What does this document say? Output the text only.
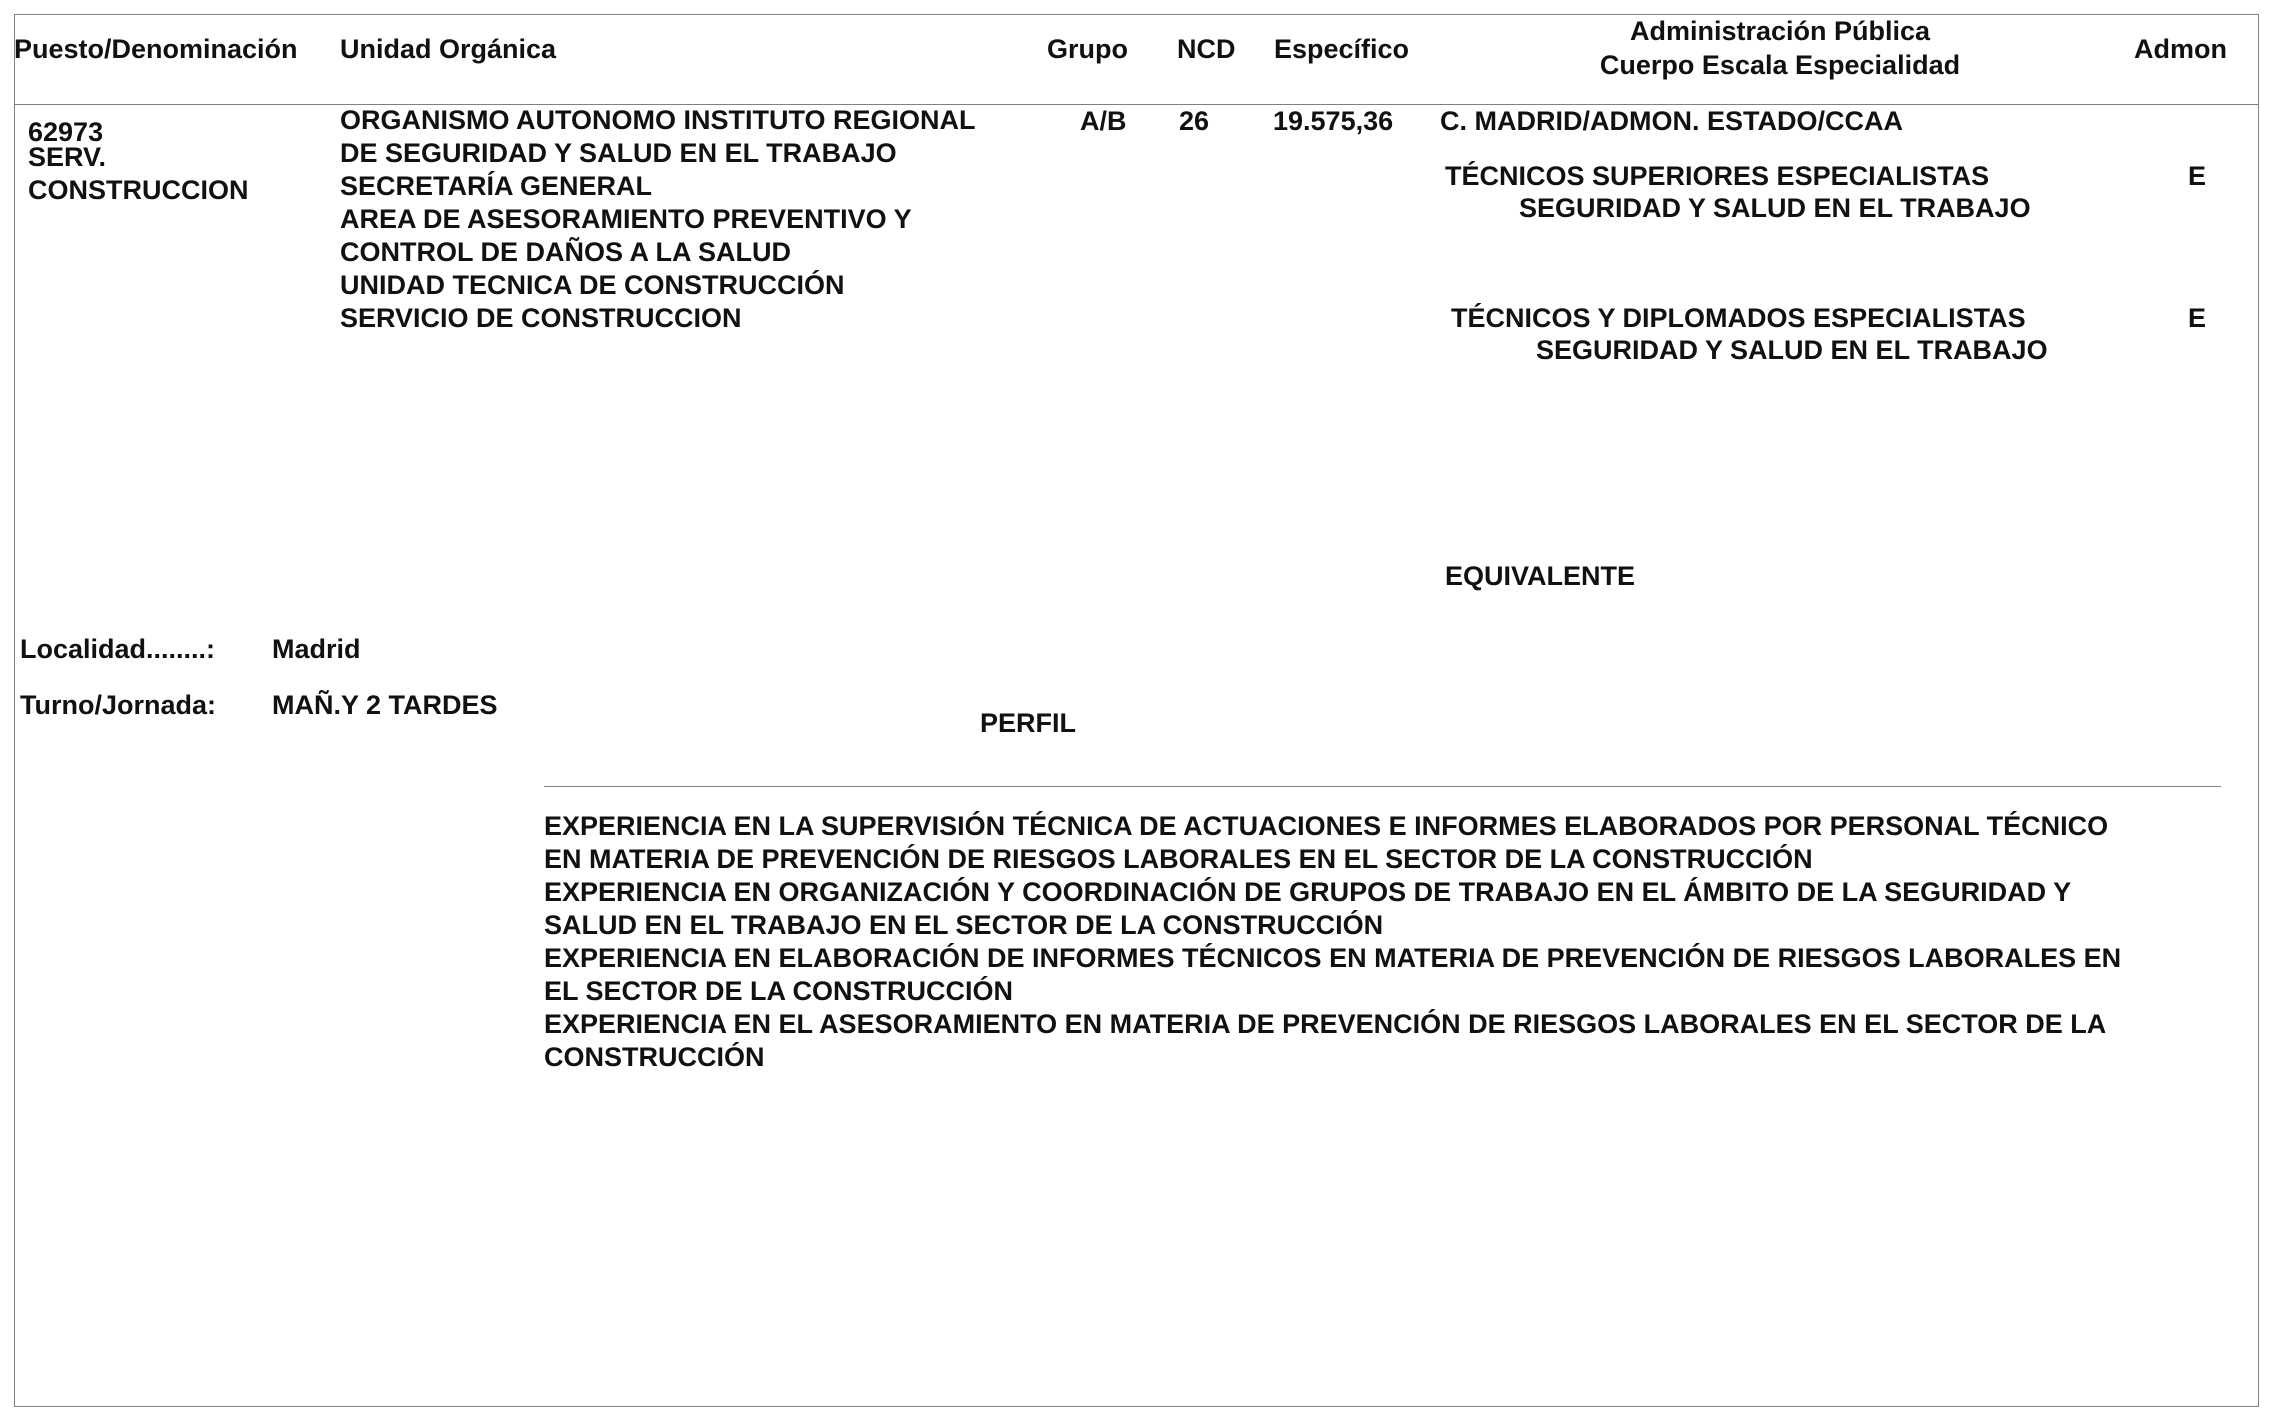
Puesto/Denominación Unidad Orgánica	Grupo NCD Específico
Administración Pública
Cuerpo Escala Especialidad
Admon
62973
SERV.
CONSTRUCCION
ORGANISMO AUTONOMO INSTITUTO REGIONAL
DE SEGURIDAD Y SALUD EN EL TRABAJO
SECRETARÍA GENERAL
AREA DE ASESORAMIENTO PREVENTIVO Y
CONTROL DE DAÑOS A LA SALUD
UNIDAD TECNICA DE CONSTRUCCIÓN
SERVICIO DE CONSTRUCCION
A/B 26 19.575,36 C. MADRID/ADMON. ESTADO/CCAA
TÉCNICOS SUPERIORES ESPECIALISTAS
SEGURIDAD Y SALUD EN EL TRABAJO
E
TÉCNICOS Y DIPLOMADOS ESPECIALISTAS
SEGURIDAD Y SALUD EN EL TRABAJO
E
EQUIVALENTE
Localidad........: Madrid
Turno/Jornada: MAÑ.Y 2 TARDES
PERFIL
EXPERIENCIA EN LA SUPERVISIÓN TÉCNICA DE ACTUACIONES E INFORMES ELABORADOS POR PERSONAL TÉCNICO
EN MATERIA DE PREVENCIÓN DE RIESGOS LABORALES EN EL SECTOR DE LA CONSTRUCCIÓN
EXPERIENCIA EN ORGANIZACIÓN Y COORDINACIÓN DE GRUPOS DE TRABAJO EN EL ÁMBITO DE LA SEGURIDAD Y
SALUD EN EL TRABAJO EN EL SECTOR DE LA CONSTRUCCIÓN
EXPERIENCIA EN ELABORACIÓN DE INFORMES TÉCNICOS EN MATERIA DE PREVENCIÓN DE RIESGOS LABORALES EN
EL SECTOR DE LA CONSTRUCCIÓN
EXPERIENCIA EN EL ASESORAMIENTO EN MATERIA DE PREVENCIÓN DE RIESGOS LABORALES EN EL SECTOR DE LA
CONSTRUCCIÓN
